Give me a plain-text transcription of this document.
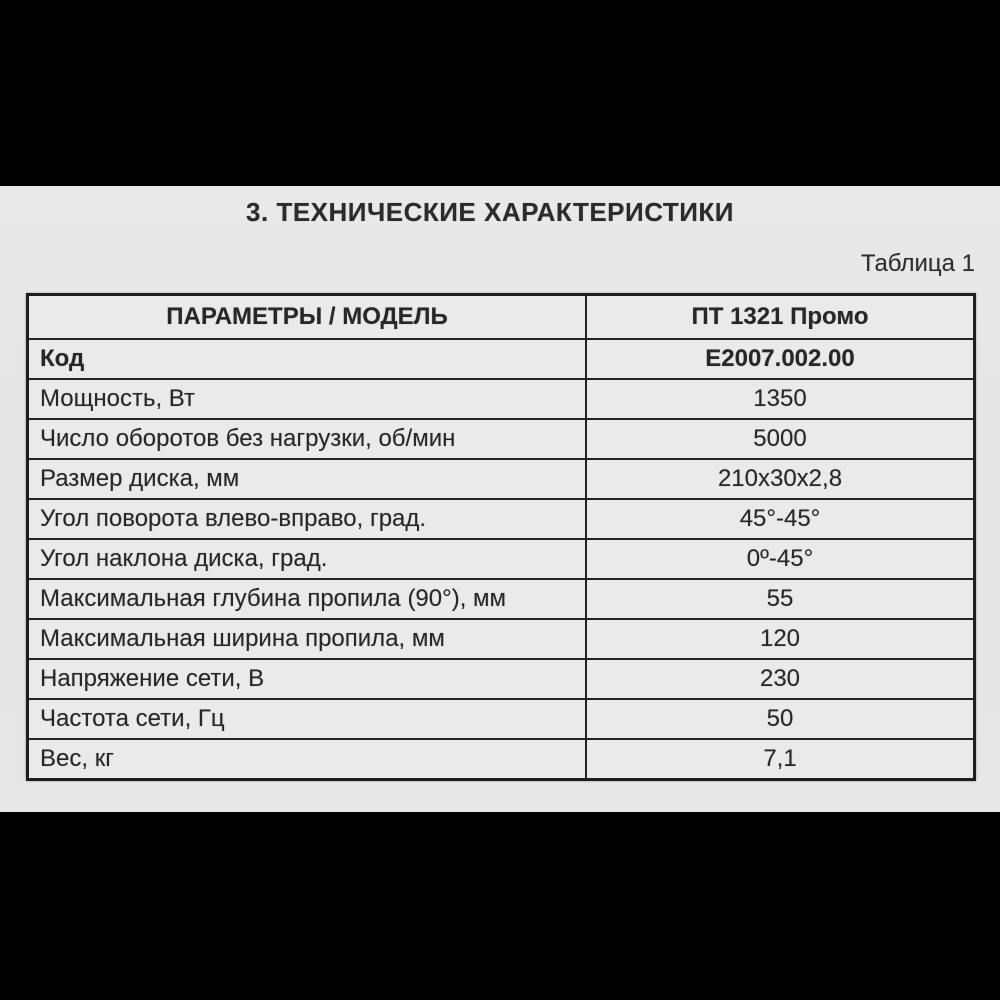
3. ТЕХНИЧЕСКИЕ ХАРАКТЕРИСТИКИ
Таблица 1
ПАРАМЕТРЫ / МОДЕЛЬ	ПТ 1321 Промо
Код	Е2007.002.00
Мощность, Вт	1350
Число оборотов без нагрузки, об/мин	5000
Размер диска, мм	210х30х2,8
Угол поворота влево-вправо, град.	45°-45°
Угол наклона диска, град.	0º-45°
Максимальная глубина пропила (90°), мм	55
Максимальная ширина пропила, мм	120
Напряжение сети, В	230
Частота сети, Гц	50
Вес, кг	7,1
